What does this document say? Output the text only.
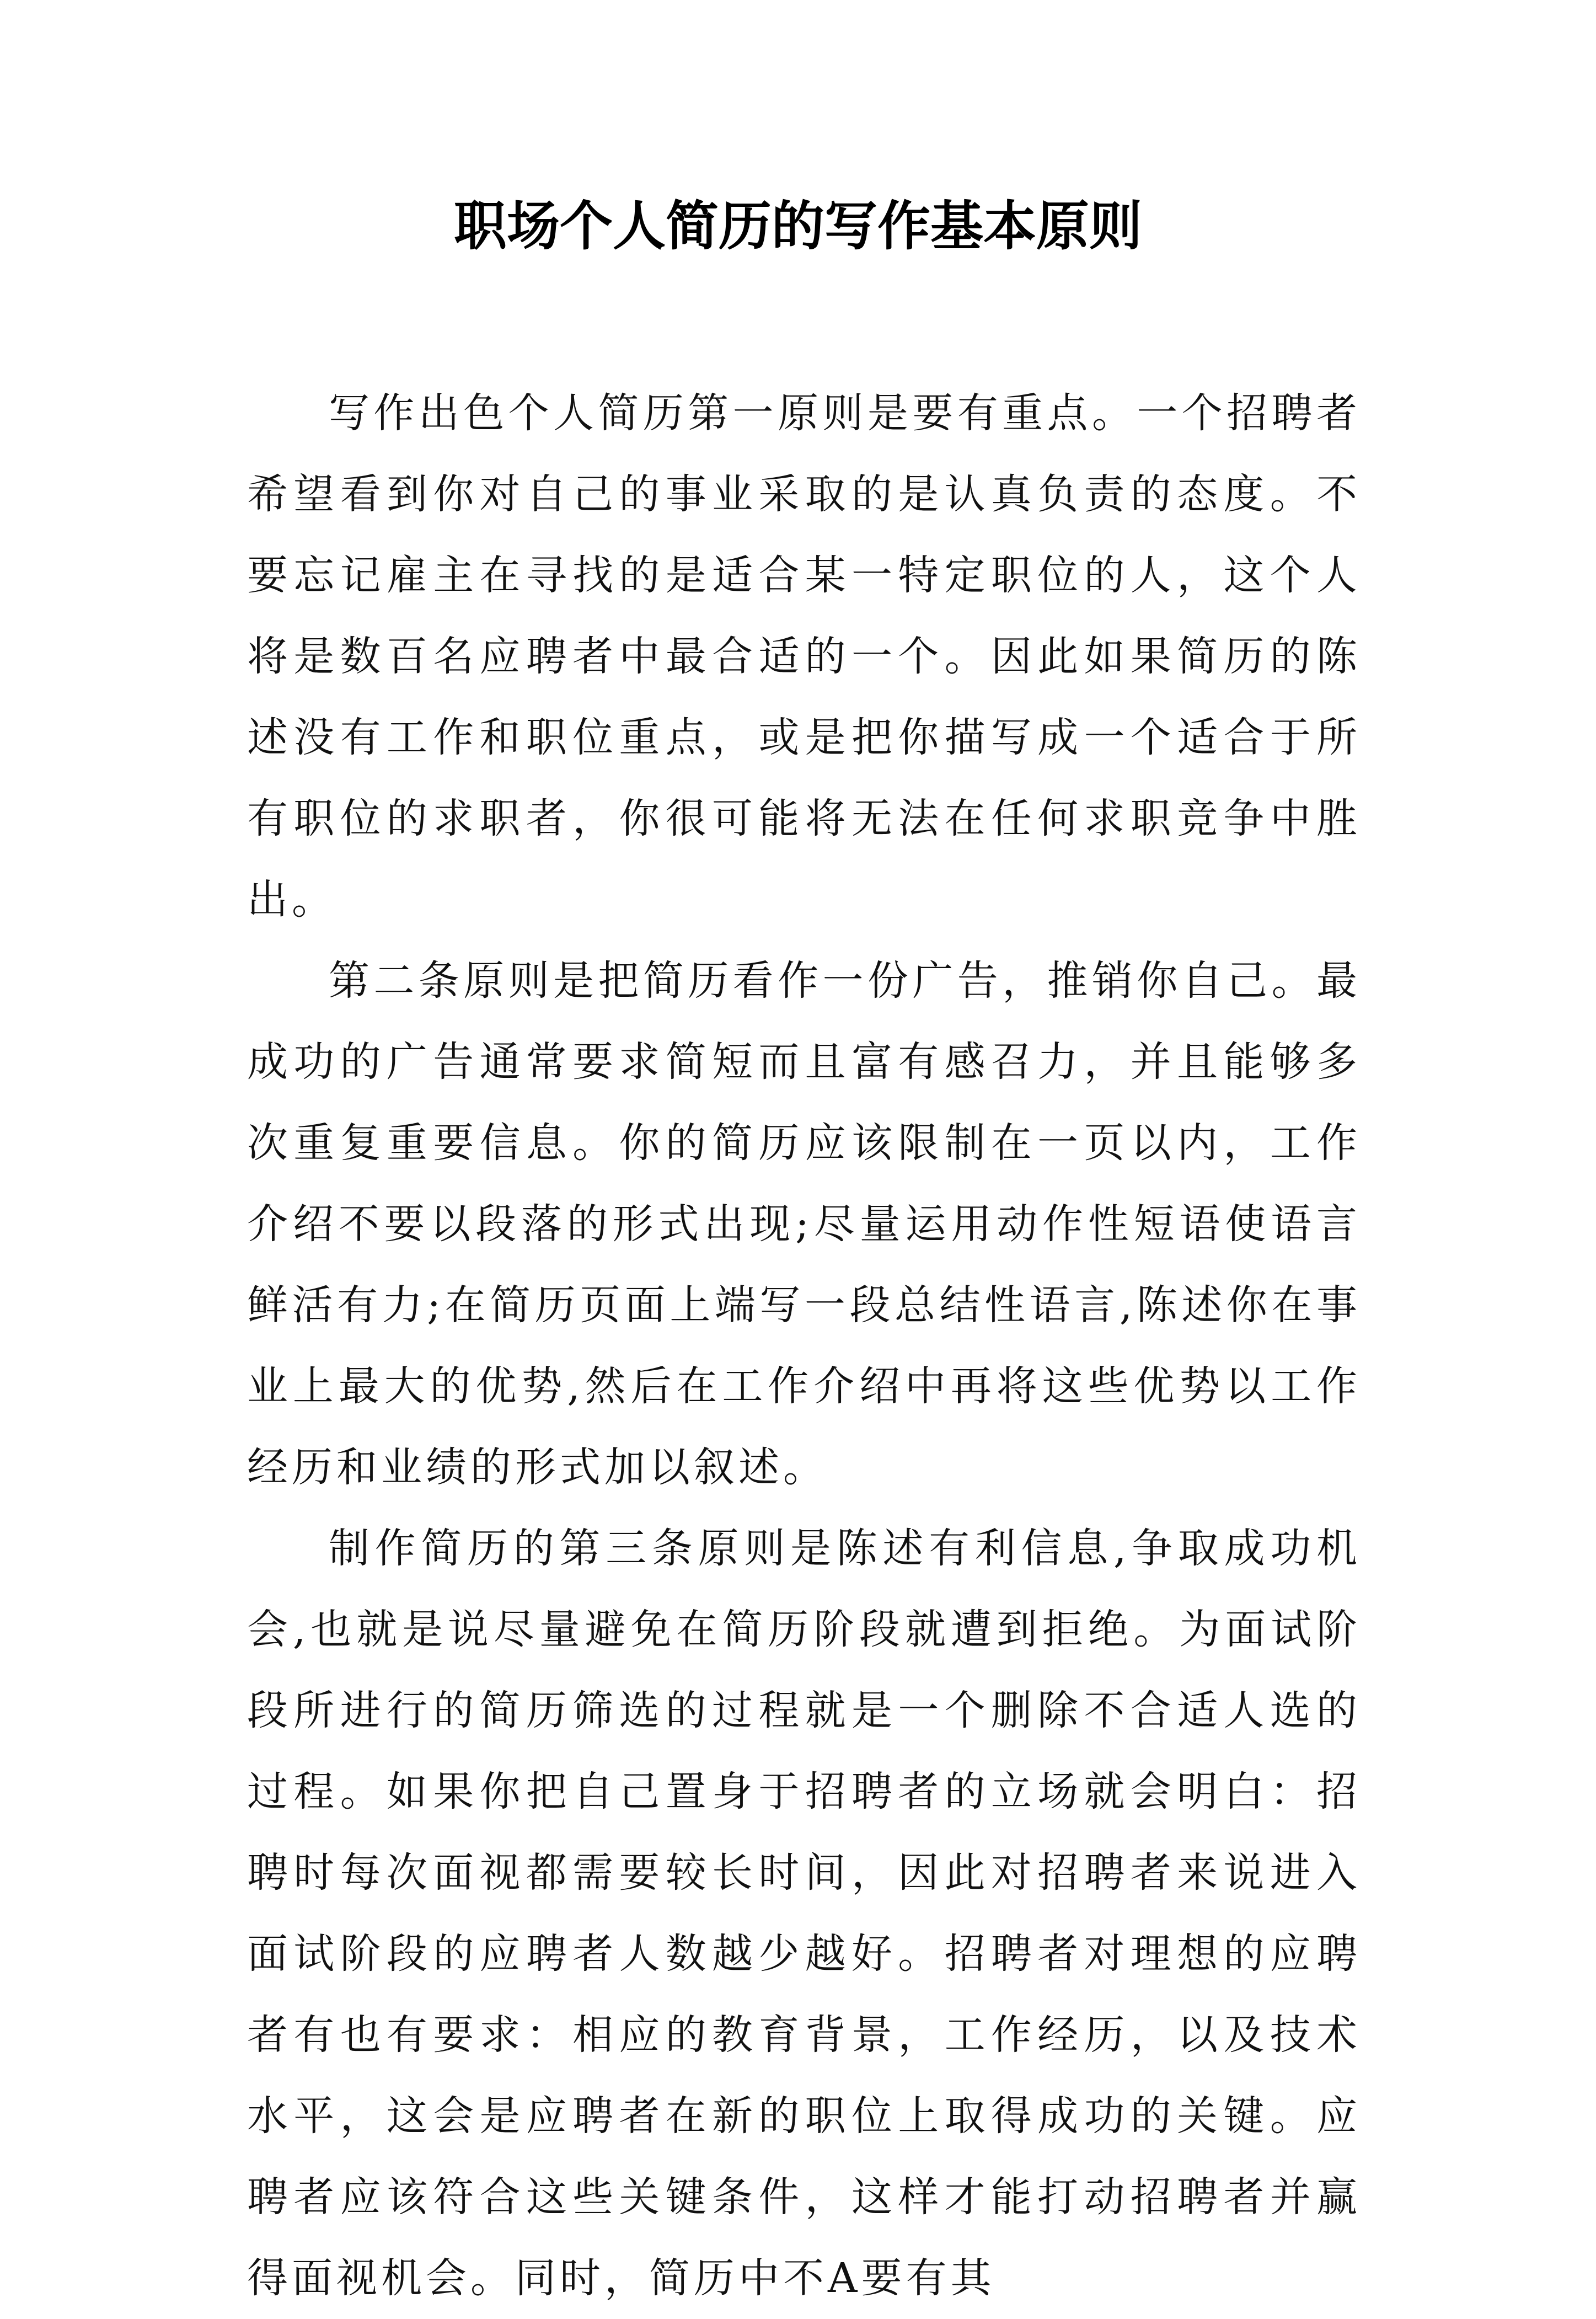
职场个人简历的写作基本原则

写作出色个人简历第一原则是要有重点。一个招聘者希望看到你对自己的事业采取的是认真负责的态度。不要忘记雇主在寻找的是适合某一特定职位的人，这个人将是数百名应聘者中最合适的一个。因此如果简历的陈述没有工作和职位重点，或是把你描写成一个适合于所有职位的求职者，你很可能将无法在任何求职竞争中胜出。

第二条原则是把简历看作一份广告，推销你自己。最成功的广告通常要求简短而且富有感召力，并且能够多次重复重要信息。你的简历应该限制在一页以内，工作介绍不要以段落的形式出现;尽量运用动作性短语使语言鲜活有力;在简历页面上端写一段总结性语言,陈述你在事业上最大的优势,然后在工作介绍中再将这些优势以工作经历和业绩的形式加以叙述。

制作简历的第三条原则是陈述有利信息,争取成功机会,也就是说尽量避免在简历阶段就遭到拒绝。为面试阶段所进行的简历筛选的过程就是一个删除不合适人选的过程。如果你把自己置身于招聘者的立场就会明白：招聘时每次面视都需要较长时间，因此对招聘者来说进入面试阶段的应聘者人数越少越好。招聘者对理想的应聘者有也有要求：相应的教育背景，工作经历，以及技术水平，这会是应聘者在新的职位上取得成功的关键。应聘者应该符合这些关键条件，这样才能打动招聘者并赢得面视机会。同时，简历中不A要有其
